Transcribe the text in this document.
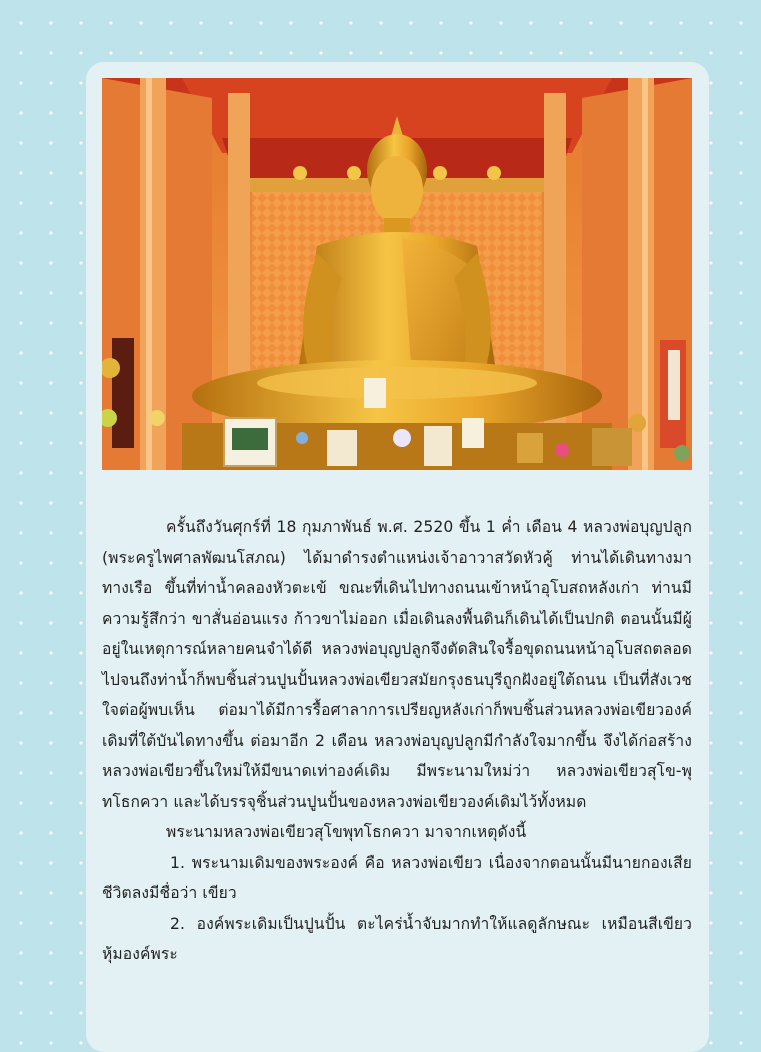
ครั้นถึงวันศุกร์ที่ 18 กุมภาพันธ์ พ.ศ. 2520 ขึ้น 1 ค่ำ เดือน 4 หลวงพ่อบุญปลูก (พระครูไพศาลพัฒนโสภณ) ได้มาดำรงตำแหน่งเจ้าอาวาสวัดหัวคู้ ท่านได้เดินทางมาทางเรือ ขึ้นที่ท่าน้ำคลองหัวตะเข้ ขณะที่เดินไปทางถนนเข้าหน้าอุโบสถหลังเก่า ท่านมีความรู้สึกว่า ขาสั่นอ่อนแรง ก้าวขาไม่ออก เมื่อเดินลงพื้นดินก็เดินได้เป็นปกติ ตอนนั้นมีผู้อยู่ในเหตุการณ์หลายคนจำได้ดี หลวงพ่อบุญปลูกจึงตัดสินใจรื้อขุดถนนหน้าอุโบสถตลอดไปจนถึงท่าน้ำก็พบชิ้นส่วนปูนปั้นหลวงพ่อเขียวสมัยกรุงธนบุรีถูกฝังอยู่ใต้ถนน เป็นที่สังเวชใจต่อผู้พบเห็น ต่อมาได้มีการรื้อศาลาการเปรียญหลังเก่าก็พบชิ้นส่วนหลวงพ่อเขียวองค์เดิมที่ใต้บันไดทางขึ้น ต่อมาอีก 2 เดือน หลวงพ่อบุญปลูกมีกำลังใจมากขึ้น จึงได้ก่อสร้างหลวงพ่อเขียวขึ้นใหม่ให้มีขนาดเท่าองค์เดิม มีพระนามใหม่ว่า หลวงพ่อเขียวสุโข-พุทโธกควา และได้บรรจุชิ้นส่วนปูนปั้นของหลวงพ่อเขียวองค์เดิมไว้ทั้งหมด

พระนามหลวงพ่อเขียวสุโขพุทโธกควา มาจากเหตุดังนี้

1. พระนามเดิมของพระองค์ คือ หลวงพ่อเขียว เนื่องจากตอนนั้นมีนายกองเสียชีวิตลงมีชื่อว่า เขียว

2. องค์พระเดิมเป็นปูนปั้น ตะไคร่น้ำจับมากทำให้แลดูลักษณะ เหมือนสีเขียวหุ้มองค์พระ
